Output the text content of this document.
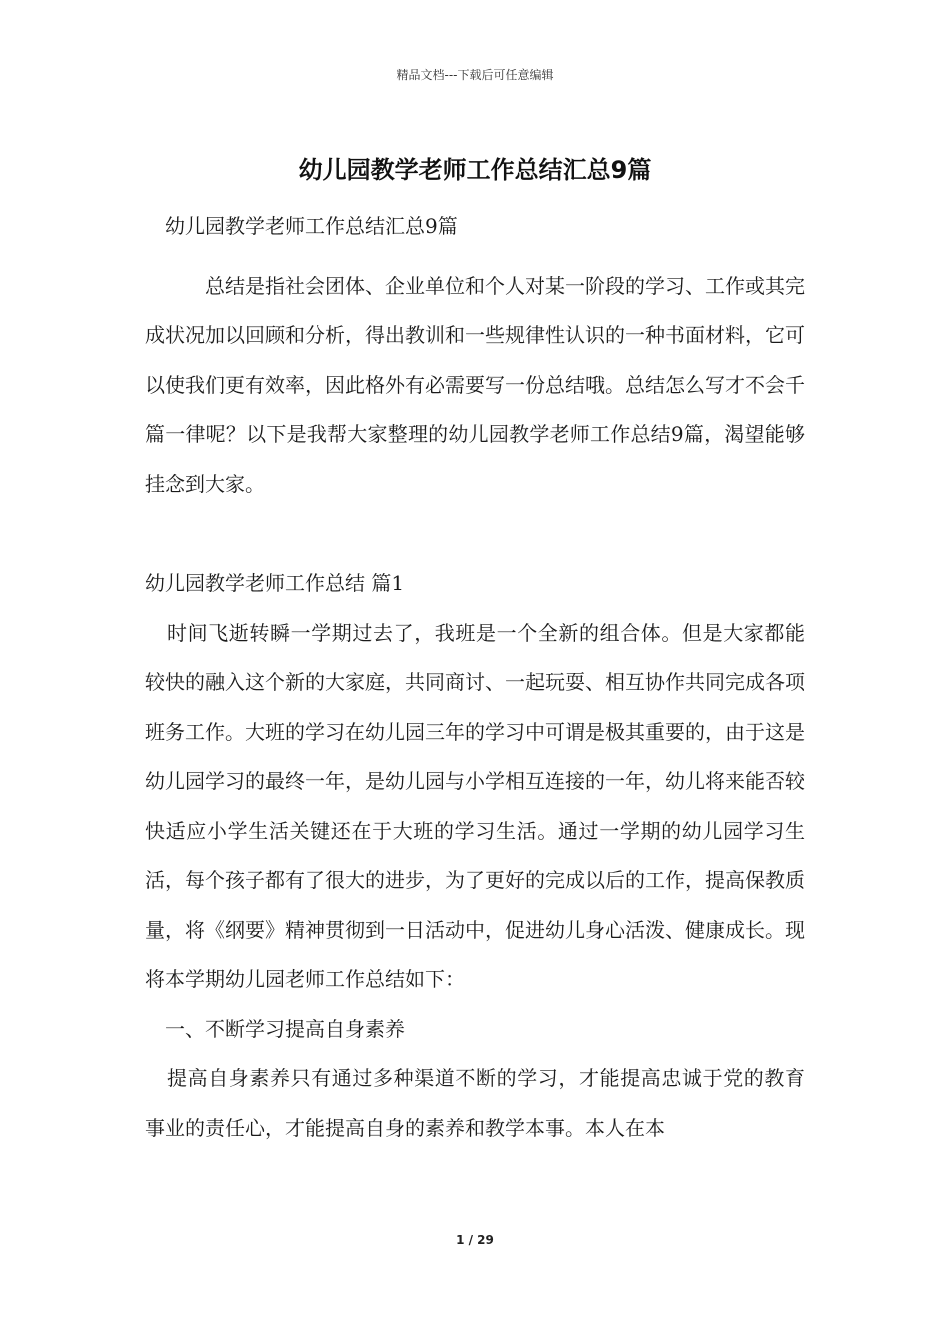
精品文档---下载后可任意编辑
幼儿园教学老师工作总结汇总9篇

幼儿园教学老师工作总结汇总9篇

总结是指社会团体、企业单位和个人对某一阶段的学习、工作或其完成状况加以回顾和分析，得出教训和一些规律性认识的一种书面材料，它可以使我们更有效率，因此格外有必需要写一份总结哦。总结怎么写才不会千篇一律呢？以下是我帮大家整理的幼儿园教学老师工作总结9篇，渴望能够挂念到大家。

幼儿园教学老师工作总结 篇1

时间飞逝转瞬一学期过去了，我班是一个全新的组合体。但是大家都能较快的融入这个新的大家庭，共同商讨、一起玩耍、相互协作共同完成各项班务工作。大班的学习在幼儿园三年的学习中可谓是极其重要的，由于这是幼儿园学习的最终一年，是幼儿园与小学相互连接的一年，幼儿将来能否较快适应小学生活关键还在于大班的学习生活。通过一学期的幼儿园学习生活，每个孩子都有了很大的进步，为了更好的完成以后的工作，提高保教质量，将《纲要》精神贯彻到一日活动中，促进幼儿身心活泼、健康成长。现将本学期幼儿园老师工作总结如下：

一、不断学习提高自身素养

提高自身素养只有通过多种渠道不断的学习，才能提高忠诚于党的教育事业的责任心，才能提高自身的素养和教学本事。本人在本

1 / 29
